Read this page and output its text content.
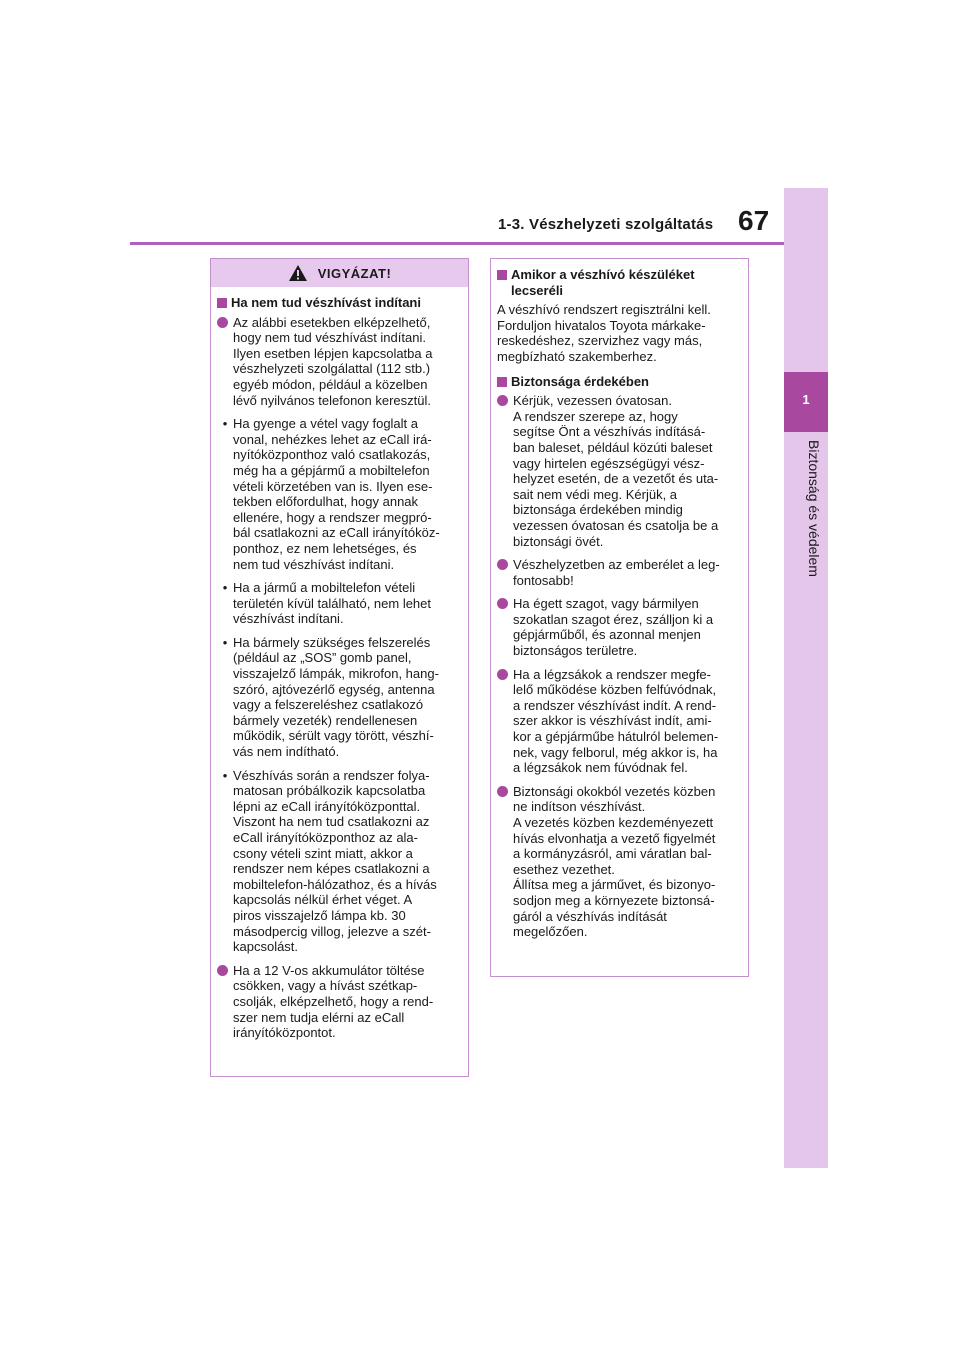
1-3. Vészhelyzeti szolgáltatás 67
1
Biztonság és védelem
VIGYÁZAT!
Ha nem tud vészhívást indítani
Az alábbi esetekben elképzelhető,
hogy nem tud vészhívást indítani.
Ilyen esetben lépjen kapcsolatba a
vészhelyzeti szolgálattal (112 stb.)
egyéb módon, például a közelben
lévő nyilvános telefonon keresztül.
• Ha gyenge a vétel vagy foglalt a
vonal, nehézkes lehet az eCall irá-
nyítóközponthoz való csatlakozás,
még ha a gépjármű a mobiltelefon
vételi körzetében van is. Ilyen ese-
tekben előfordulhat, hogy annak
ellenére, hogy a rendszer megpró-
bál csatlakozni az eCall irányítóköz-
ponthoz, ez nem lehetséges, és
nem tud vészhívást indítani.
• Ha a jármű a mobiltelefon vételi
területén kívül található, nem lehet
vészhívást indítani.
• Ha bármely szükséges felszerelés
(például az „SOS” gomb panel,
visszajelző lámpák, mikrofon, hang-
szóró, ajtóvezérlő egység, antenna
vagy a felszereléshez csatlakozó
bármely vezeték) rendellenesen
működik, sérült vagy törött, vészhí-
vás nem indítható.
• Vészhívás során a rendszer folya-
matosan próbálkozik kapcsolatba
lépni az eCall irányítóközponttal.
Viszont ha nem tud csatlakozni az
eCall irányítóközponthoz az ala-
csony vételi szint miatt, akkor a
rendszer nem képes csatlakozni a
mobiltelefon-hálózathoz, és a hívás
kapcsolás nélkül érhet véget. A
piros visszajelző lámpa kb. 30
másodpercig villog, jelezve a szét-
kapcsolást.
Ha a 12 V-os akkumulátor töltése
csökken, vagy a hívást szétkap-
csolják, elképzelhető, hogy a rend-
szer nem tudja elérni az eCall
irányítóközpontot.
Amikor a vészhívó készüléket
lecseréli
A vészhívó rendszert regisztrálni kell.
Forduljon hivatalos Toyota márkake-
reskedéshez, szervizhez vagy más,
megbízható szakemberhez.
Biztonsága érdekében
Kérjük, vezessen óvatosan.
A rendszer szerepe az, hogy
segítse Önt a vészhívás indításá-
ban baleset, például közúti baleset
vagy hirtelen egészségügyi vész-
helyzet esetén, de a vezetőt és uta-
sait nem védi meg. Kérjük, a
biztonsága érdekében mindig
vezessen óvatosan és csatolja be a
biztonsági övét.
Vészhelyzetben az emberélet a leg-
fontosabb!
Ha égett szagot, vagy bármilyen
szokatlan szagot érez, szálljon ki a
gépjárműből, és azonnal menjen
biztonságos területre.
Ha a légzsákok a rendszer megfe-
lelő működése közben felfúvódnak,
a rendszer vészhívást indít. A rend-
szer akkor is vészhívást indít, ami-
kor a gépjárműbe hátulról belemen-
nek, vagy felborul, még akkor is, ha
a légzsákok nem fúvódnak fel.
Biztonsági okokból vezetés közben
ne indítson vészhívást.
A vezetés közben kezdeményezett
hívás elvonhatja a vezető figyelmét
a kormányzásról, ami váratlan bal-
esethez vezethet.
Állítsa meg a járművet, és bizonyo-
sodjon meg a környezete biztonsá-
gáról a vészhívás indítását
megelőzően.
